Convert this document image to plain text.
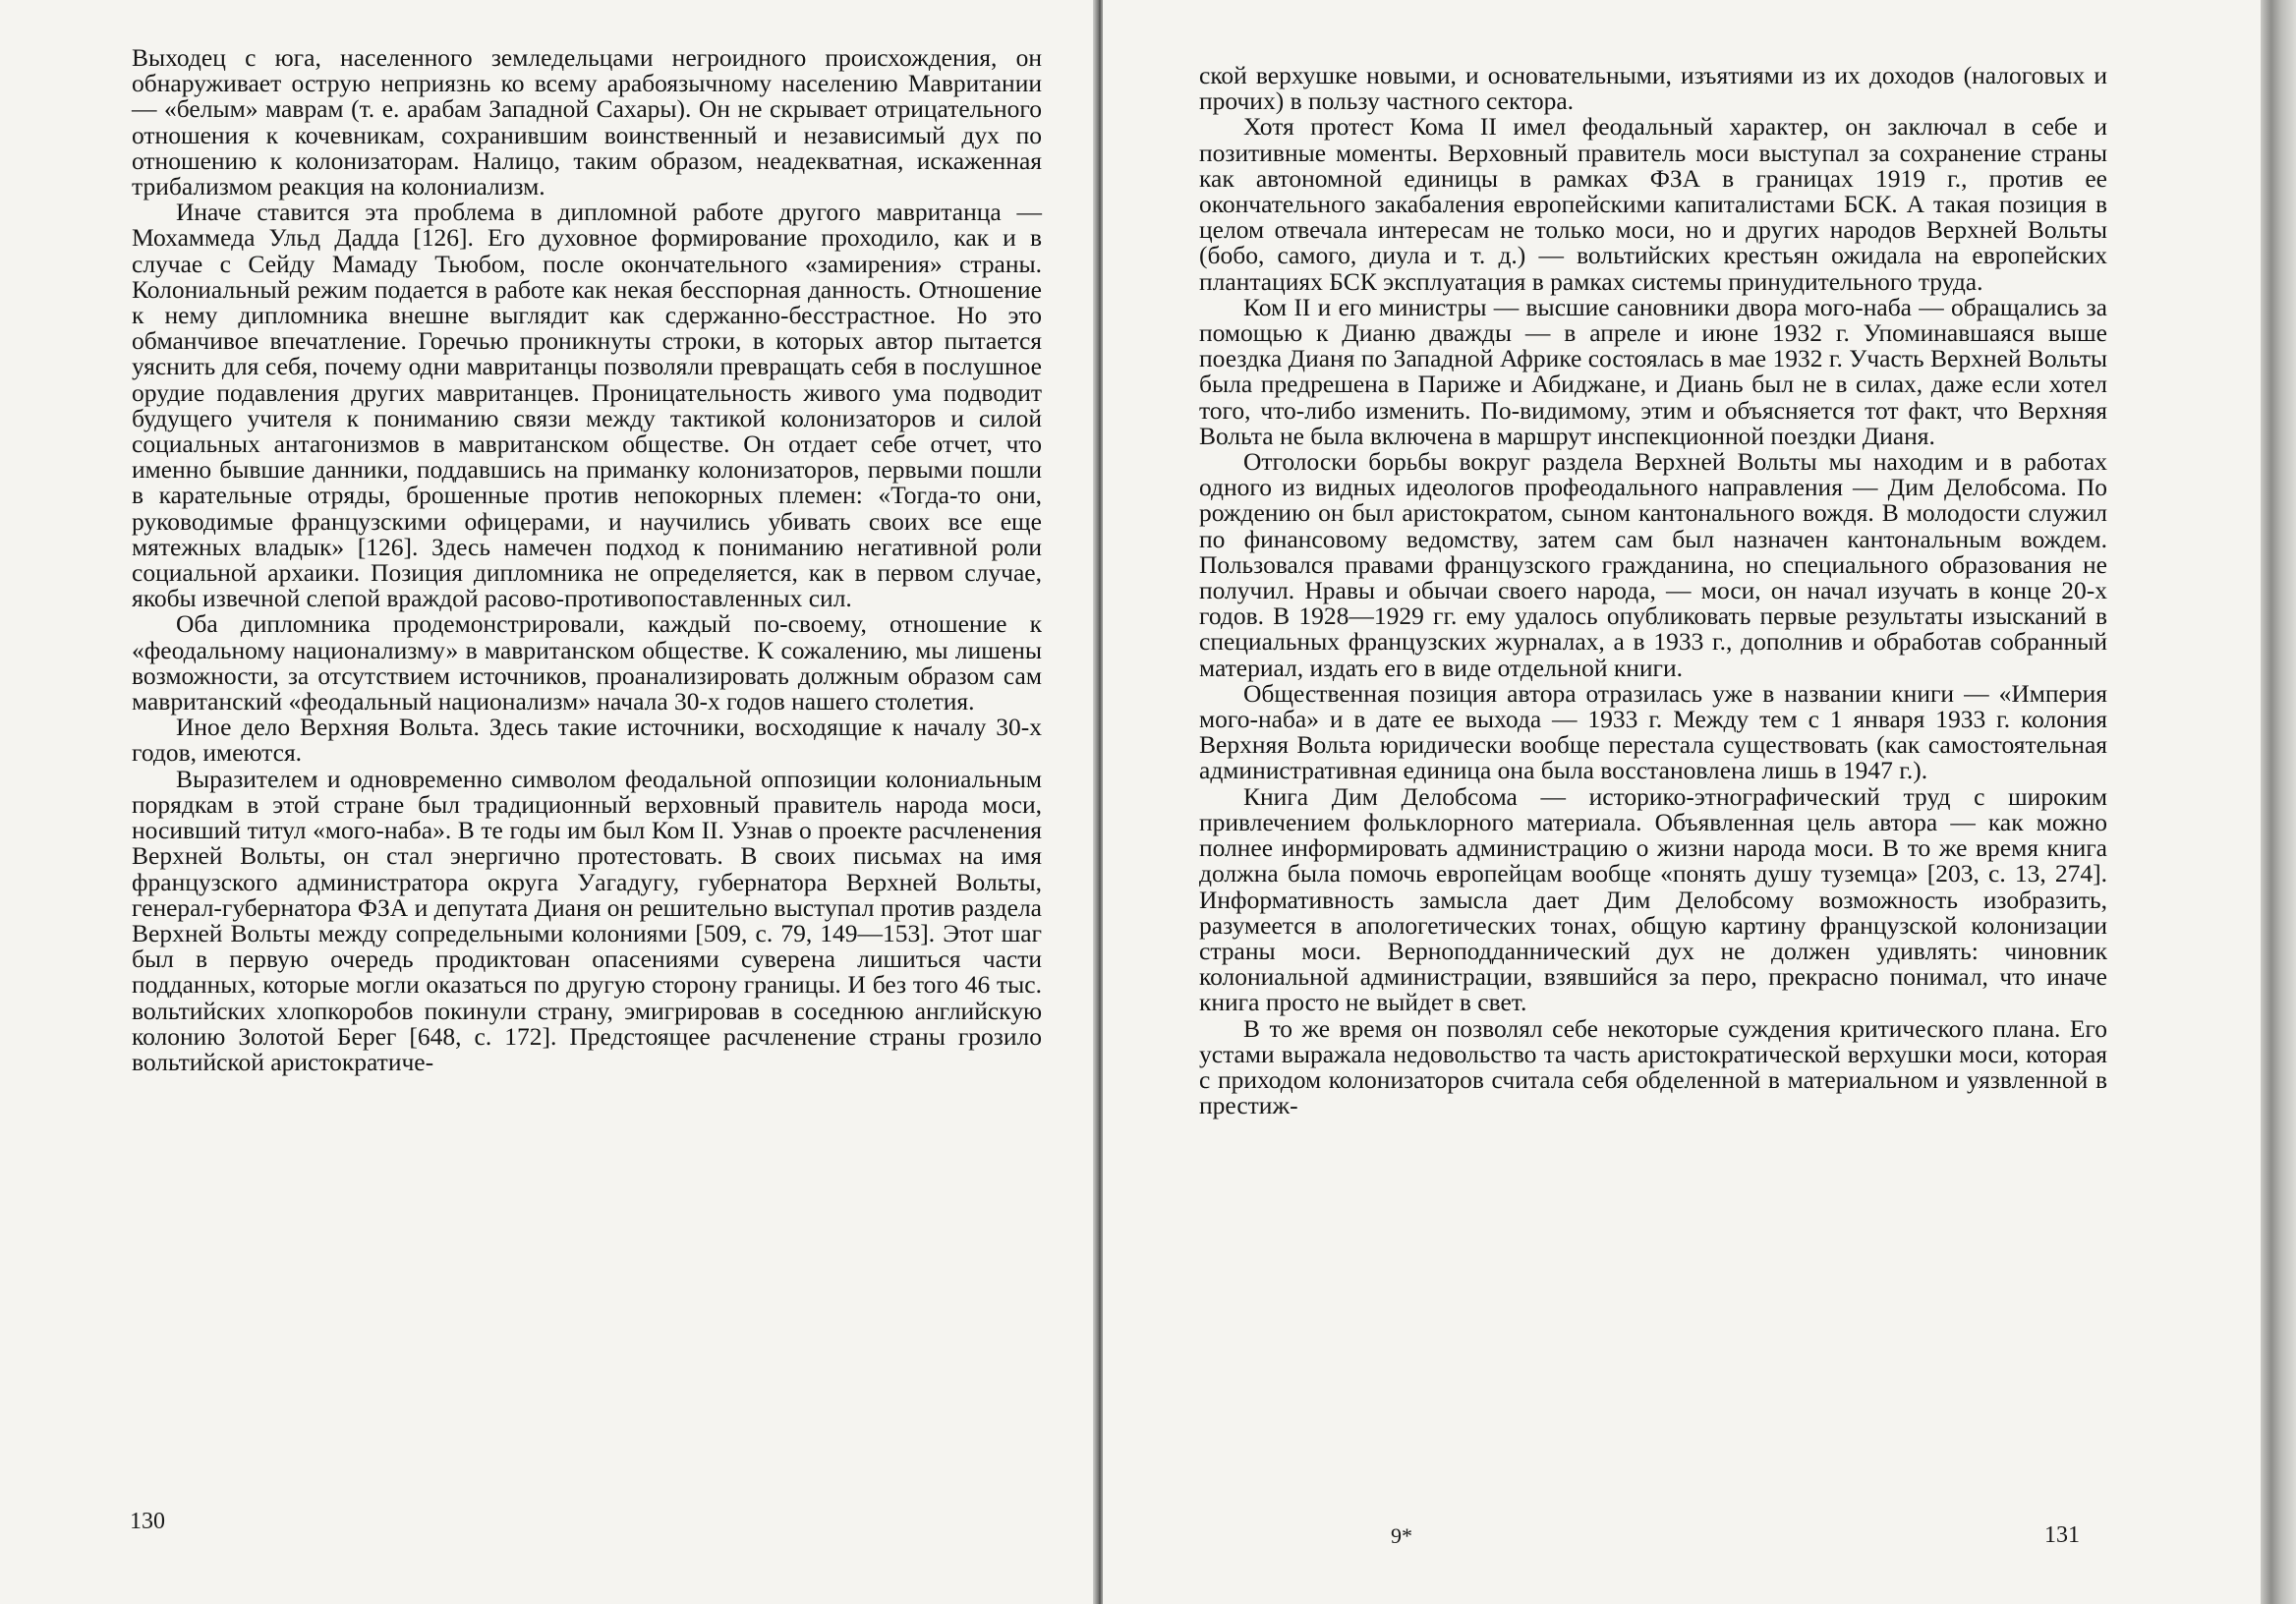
Выходец с юга, населенного земледельцами негроидного происхождения, он обнаруживает острую неприязнь ко всему арабоязычному населению Мавритании — «белым» маврам (т. е. арабам Западной Сахары). Он не скрывает отрицательного отношения к кочевникам, сохранившим воинственный и независимый дух по отношению к колонизаторам. Налицо, таким образом, неадекватная, искаженная трибализмом реакция на колониализм.

Иначе ставится эта проблема в дипломной работе другого мавританца — Мохаммеда Ульд Дадда [126]. Его духовное формирование проходило, как и в случае с Сейду Мамаду Тьюбом, после окончательного «замирения» страны. Колониальный режим подается в работе как некая бесспорная данность. Отношение к нему дипломника внешне выглядит как сдержанно-бесстрастное. Но это обманчивое впечатление. Горечью проникнуты строки, в которых автор пытается уяснить для себя, почему одни мавританцы позволяли превращать себя в послушное орудие подавления других мавританцев. Проницательность живого ума подводит будущего учителя к пониманию связи между тактикой колонизаторов и силой социальных антагонизмов в мавританском обществе. Он отдает себе отчет, что именно бывшие данники, поддавшись на приманку колонизаторов, первыми пошли в карательные отряды, брошенные против непокорных племен: «Тогда-то они, руководимые французскими офицерами, и научились убивать своих все еще мятежных владык» [126]. Здесь намечен подход к пониманию негативной роли социальной архаики. Позиция дипломника не определяется, как в первом случае, якобы извечной слепой враждой расово-противопоставленных сил.

Оба дипломника продемонстрировали, каждый по-своему, отношение к «феодальному национализму» в мавританском обществе. К сожалению, мы лишены возможности, за отсутствием источников, проанализировать должным образом сам мавританский «феодальный национализм» начала 30-х годов нашего столетия.

Иное дело Верхняя Вольта. Здесь такие источники, восходящие к началу 30-х годов, имеются.

Выразителем и одновременно символом феодальной оппозиции колониальным порядкам в этой стране был традиционный верховный правитель народа моси, носивший титул «мого-наба». В те годы им был Ком II. Узнав о проекте расчленения Верхней Вольты, он стал энергично протестовать. В своих письмах на имя французского администратора округа Уагадугу, губернатора Верхней Вольты, генерал-губернатора ФЗА и депутата Дианя он решительно выступал против раздела Верхней Вольты между сопредельными колониями [509, с. 79, 149—153]. Этот шаг был в первую очередь продиктован опасениями суверена лишиться части подданных, которые могли оказаться по другую сторону границы. И без того 46 тыс. вольтийских хлопкоробов покинули страну, эмигрировав в соседнюю английскую колонию Золотой Берег [648, с. 172]. Предстоящее расчленение страны грозило вольтийской аристократиче-

130

ской верхушке новыми, и основательными, изъятиями из их доходов (налоговых и прочих) в пользу частного сектора.

Хотя протест Кома II имел феодальный характер, он заключал в себе и позитивные моменты. Верховный правитель моси выступал за сохранение страны как автономной единицы в рамках ФЗА в границах 1919 г., против ее окончательного закабаления европейскими капиталистами БСК. А такая позиция в целом отвечала интересам не только моси, но и других народов Верхней Вольты (бобо, самого, диула и т. д.) — вольтийских крестьян ожидала на европейских плантациях БСК эксплуатация в рамках системы принудительного труда.

Ком II и его министры — высшие сановники двора мого-наба — обращались за помощью к Дианю дважды — в апреле и июне 1932 г. Упоминавшаяся выше поездка Дианя по Западной Африке состоялась в мае 1932 г. Участь Верхней Вольты была предрешена в Париже и Абиджане, и Диань был не в силах, даже если хотел того, что-либо изменить. По-видимому, этим и объясняется тот факт, что Верхняя Вольта не была включена в маршрут инспекционной поездки Дианя.

Отголоски борьбы вокруг раздела Верхней Вольты мы находим и в работах одного из видных идеологов профеодального направления — Дим Делобсома. По рождению он был аристократом, сыном кантонального вождя. В молодости служил по финансовому ведомству, затем сам был назначен кантональным вождем. Пользовался правами французского гражданина, но специального образования не получил. Нравы и обычаи своего народа, — моси, он начал изучать в конце 20-х годов. В 1928—1929 гг. ему удалось опубликовать первые результаты изысканий в специальных французских журналах, а в 1933 г., дополнив и обработав собранный материал, издать его в виде отдельной книги.

Общественная позиция автора отразилась уже в названии книги — «Империя мого-наба» и в дате ее выхода — 1933 г. Между тем с 1 января 1933 г. колония Верхняя Вольта юридически вообще перестала существовать (как самостоятельная административная единица она была восстановлена лишь в 1947 г.).

Книга Дим Делобсома — историко-этнографический труд с широким привлечением фольклорного материала. Объявленная цель автора — как можно полнее информировать администрацию о жизни народа моси. В то же время книга должна была помочь европейцам вообще «понять душу туземца» [203, с. 13, 274]. Информативность замысла дает Дим Делобсому возможность изобразить, разумеется в апологетических тонах, общую картину французской колонизации страны моси. Верноподданнический дух не должен удивлять: чиновник колониальной администрации, взявшийся за перо, прекрасно понимал, что иначе книга просто не выйдет в свет.

В то же время он позволял себе некоторые суждения критического плана. Его устами выражала недовольство та часть аристократической верхушки моси, которая с приходом колонизаторов считала себя обделенной в материальном и уязвленной в престиж-

9*	131
